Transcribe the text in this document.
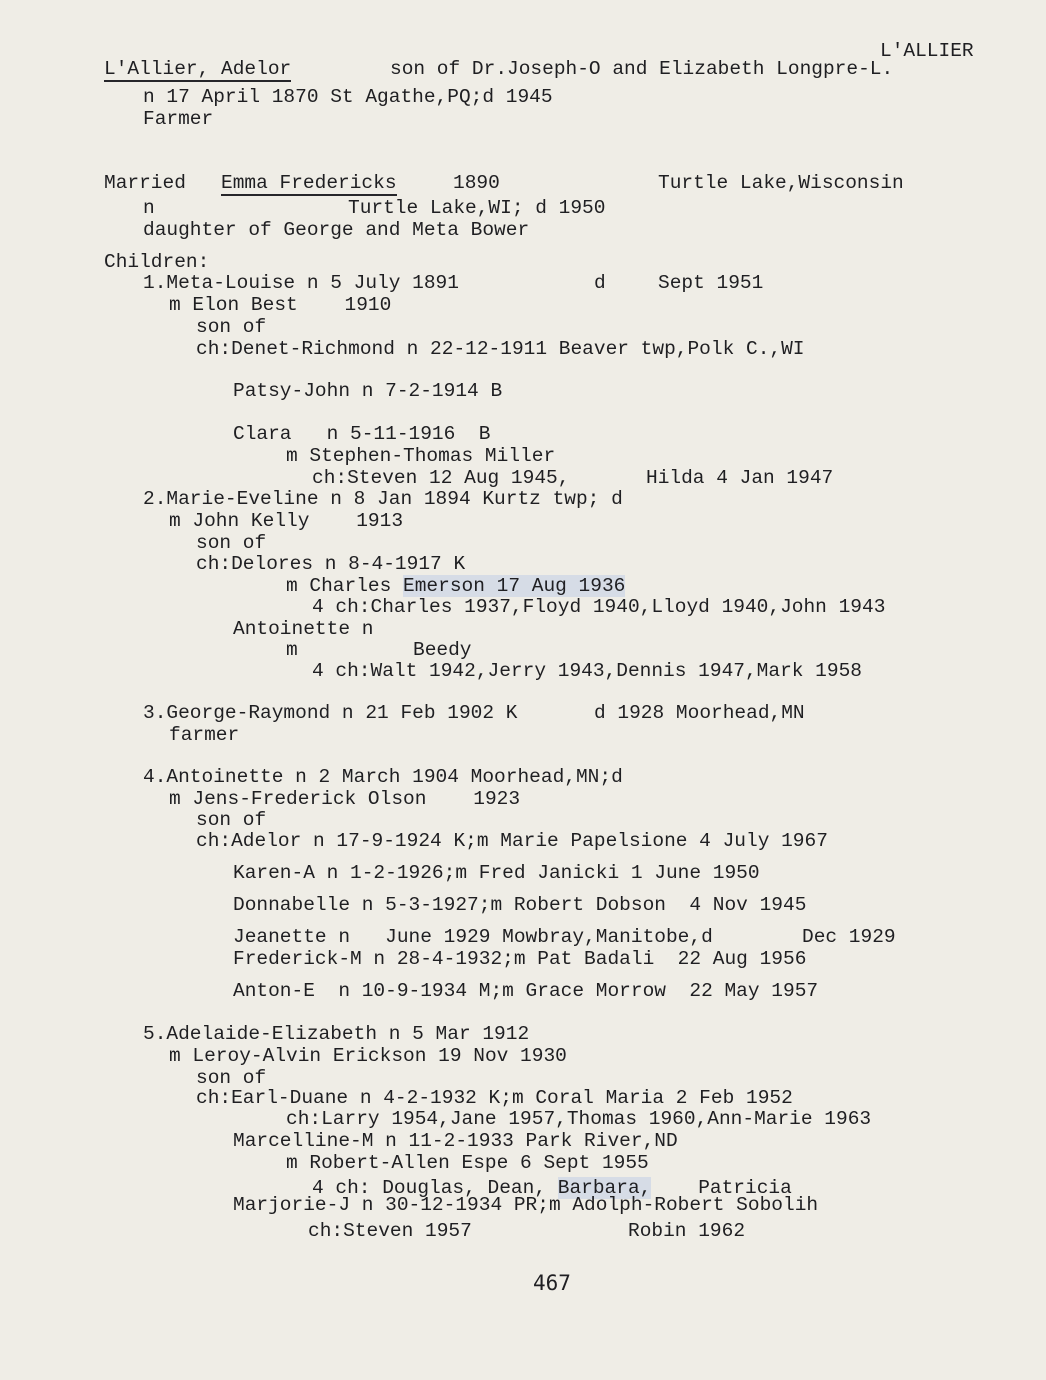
L'ALLIER
L'Allier, Adelor	son of Dr.Joseph-O and Elizabeth Longpre-L.
n 17 April 1870 St Agathe,PQ;d 1945
Farmer
Married Emma Fredericks	1890	Turtle Lake,Wisconsin
n	Turtle Lake,WI; d 1950
daughter of George and Meta Bower
Children:
1.Meta-Louise n 5 July 1891	d	Sept 1951
m Elon Best    1910
son of
ch:Denet-Richmond n 22-12-1911 Beaver twp,Polk C.,WI
Patsy-John n 7-2-1914 B
Clara   n 5-11-1916  B
m Stephen-Thomas Miller
ch:Steven 12 Aug 1945,	Hilda 4 Jan 1947
2.Marie-Eveline n 8 Jan 1894 Kurtz twp; d
m John Kelly    1913
son of
ch:Delores n 8-4-1917 K
m Charles Emerson 17 Aug 1936
4 ch:Charles 1937,Floyd 1940,Lloyd 1940,John 1943
Antoinette n
m	Beedy
4 ch:Walt 1942,Jerry 1943,Dennis 1947,Mark 1958
3.George-Raymond n 21 Feb 1902 K	d 1928 Moorhead,MN
farmer
4.Antoinette n 2 March 1904 Moorhead,MN;d
m Jens-Frederick Olson    1923
son of
ch:Adelor n 17-9-1924 K;m Marie Papelsione 4 July 1967
Karen-A n 1-2-1926;m Fred Janicki 1 June 1950
Donnabelle n 5-3-1927;m Robert Dobson  4 Nov 1945
Jeanette n   June 1929 Mowbray,Manitobe,d	Dec 1929
Frederick-M n 28-4-1932;m Pat Badali  22 Aug 1956
Anton-E  n 10-9-1934 M;m Grace Morrow  22 May 1957
5.Adelaide-Elizabeth n 5 Mar 1912
m Leroy-Alvin Erickson 19 Nov 1930
son of
ch:Earl-Duane n 4-2-1932 K;m Coral Maria 2 Feb 1952
ch:Larry 1954,Jane 1957,Thomas 1960,Ann-Marie 1963
Marcelline-M n 11-2-1933 Park River,ND
m Robert-Allen Espe 6 Sept 1955
4 ch: Douglas, Dean, Barbara, Patricia
Marjorie-J n 30-12-1934 PR;m Adolph-Robert Sobolih
ch:Steven 1957	Robin 1962
467
